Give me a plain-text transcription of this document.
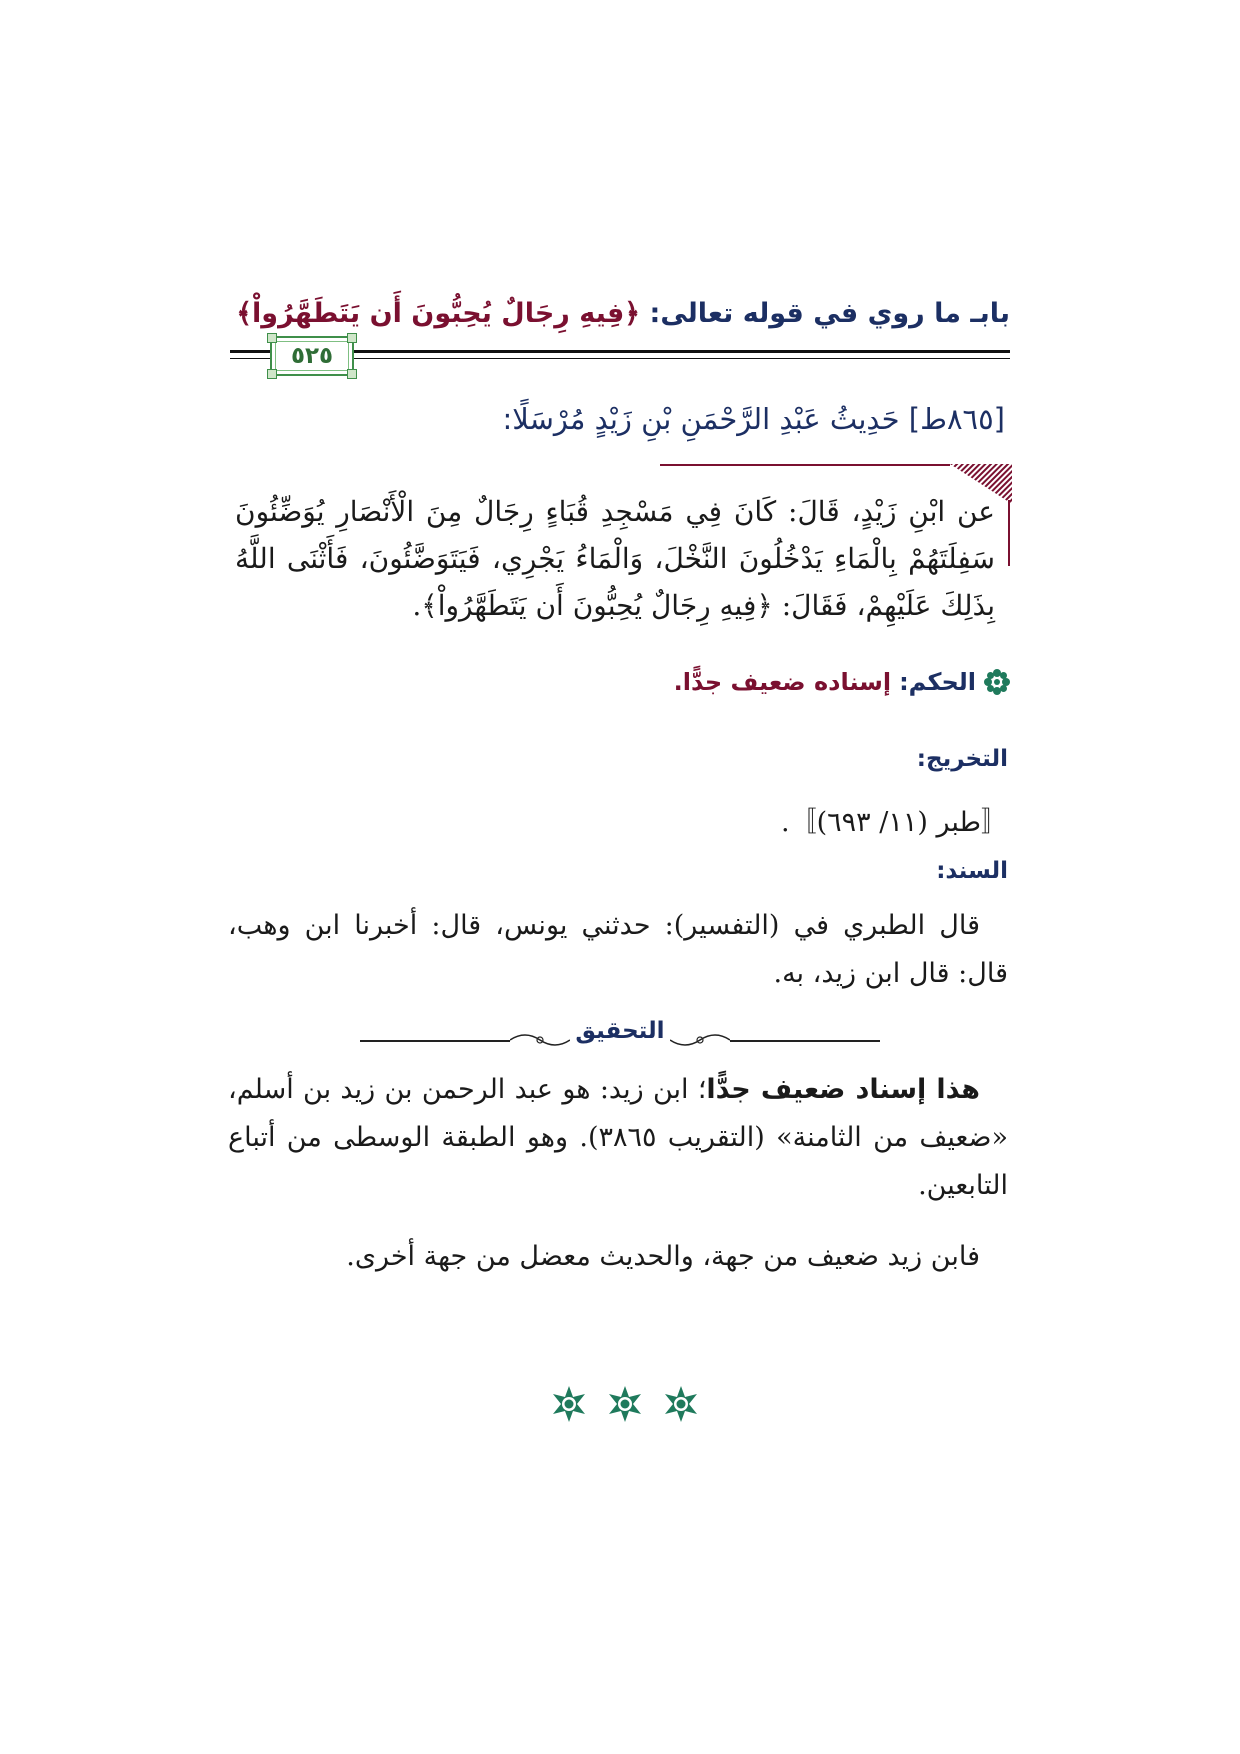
بابـ ما روي في قوله تعالى: ﴿فِيهِ رِجَالٌ يُحِبُّونَ أَن يَتَطَهَّرُواْ﴾
٥٢٥
[٨٦٥ط] حَدِيثُ عَبْدِ الرَّحْمَنِ بْنِ زَيْدٍ مُرْسَلًا:
عن ابْنِ زَيْدٍ، قَالَ: كَانَ فِي مَسْجِدِ قُبَاءٍ رِجَالٌ مِنَ الْأَنْصَارِ يُوَضِّئُونَ سَفِلَتَهُمْ بِالْمَاءِ يَدْخُلُونَ النَّخْلَ، وَالْمَاءُ يَجْرِي، فَيَتَوَضَّئُونَ، فَأَثْنَى اللَّهُ بِذَلِكَ عَلَيْهِمْ، فَقَالَ: ﴿فِيهِ رِجَالٌ يُحِبُّونَ أَن يَتَطَهَّرُواْ﴾.
الحكم:
إسناده ضعيف جدًّا.
التخريج:
〚طبر (١١/ ٦٩٣)〛.
السند:
قال الطبري في (التفسير): حدثني يونس، قال: أخبرنا ابن وهب، قال: قال ابن زيد، به.
التحقيق
هذا إسناد ضعيف جدًّا؛ ابن زيد: هو عبد الرحمن بن زيد بن أسلم، «ضعيف من الثامنة» (التقريب ٣٨٦٥). وهو الطبقة الوسطى من أتباع التابعين.
فابن زيد ضعيف من جهة، والحديث معضل من جهة أخرى.
